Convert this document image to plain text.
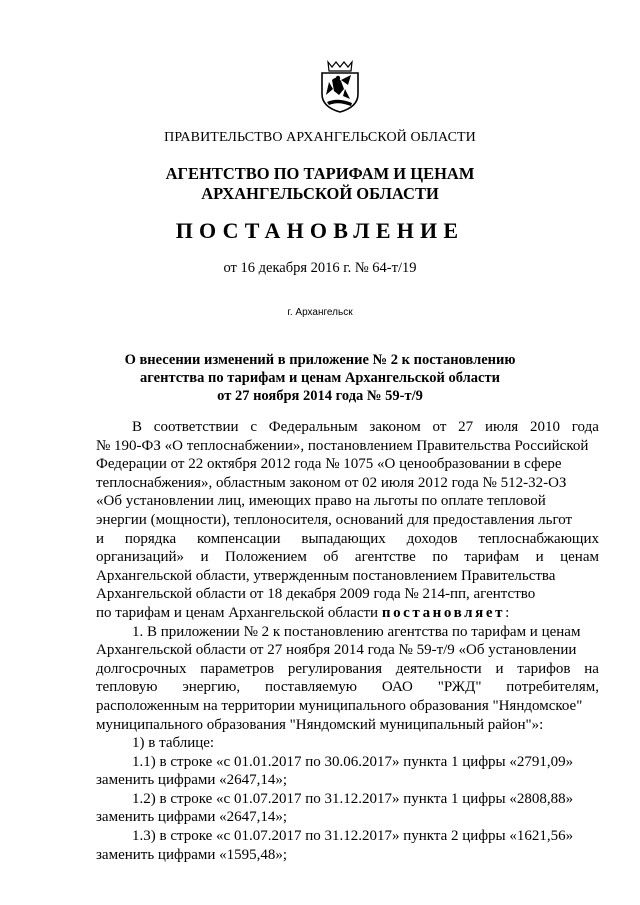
ПРАВИТЕЛЬСТВО АРХАНГЕЛЬСКОЙ ОБЛАСТИ
АГЕНТСТВО ПО ТАРИФАМ И ЦЕНАМ
АРХАНГЕЛЬСКОЙ ОБЛАСТИ
ПОСТАНОВЛЕНИЕ
от 16 декабря 2016 г. № 64-т/19
г. Архангельск
О внесении изменений в приложение № 2 к постановлению
агентства по тарифам и ценам Архангельской области
от 27 ноября 2014 года № 59-т/9
В соответствии с Федеральным законом от 27 июля 2010 года
№ 190-ФЗ «О теплоснабжении», постановлением Правительства Российской
Федерации от 22 октября 2012 года № 1075 «О ценообразовании в сфере
теплоснабжения», областным законом от 02 июля 2012 года № 512-32-ОЗ
«Об установлении лиц, имеющих право на льготы по оплате тепловой
энергии (мощности), теплоносителя, оснований для предоставления льгот
и порядка компенсации выпадающих доходов теплоснабжающих
организаций» и Положением об агентстве по тарифам и ценам
Архангельской области, утвержденным постановлением Правительства
Архангельской области от 18 декабря 2009 года № 214-пп, агентство
по тарифам и ценам Архангельской области постановляет:
1. В приложении № 2 к постановлению агентства по тарифам и ценам
Архангельской области от 27 ноября 2014 года № 59-т/9 «Об установлении
долгосрочных параметров регулирования деятельности и тарифов на
тепловую энергию, поставляемую ОАО "РЖД" потребителям,
расположенным на территории муниципального образования "Няндомское"
муниципального образования "Няндомский муниципальный район"»:
1) в таблице:
1.1) в строке «с 01.01.2017 по 30.06.2017» пункта 1 цифры «2791,09»
заменить цифрами «2647,14»;
1.2) в строке «с 01.07.2017 по 31.12.2017» пункта 1 цифры «2808,88»
заменить цифрами «2647,14»;
1.3) в строке «с 01.07.2017 по 31.12.2017» пункта 2 цифры «1621,56»
заменить цифрами «1595,48»;
